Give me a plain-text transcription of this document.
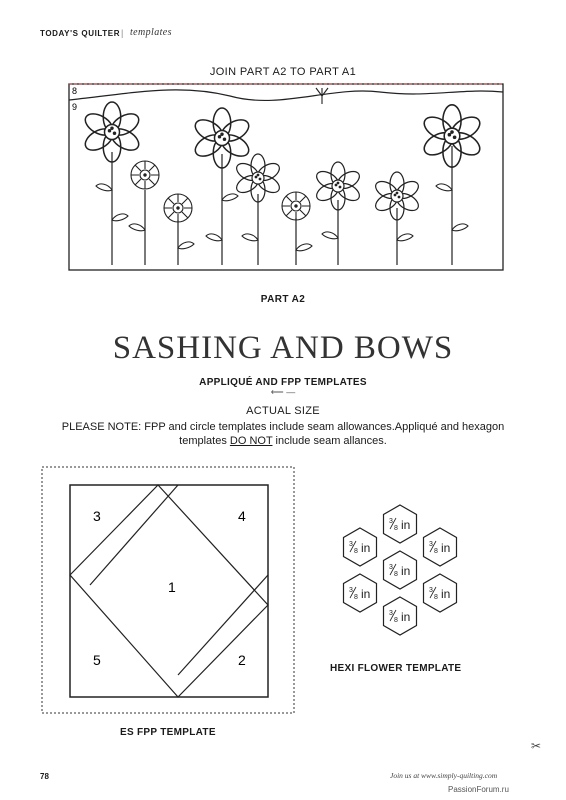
TODAY'S QUILTER | templates
JOIN PART A2 TO PART A1
8
9
PART A2
SASHING AND BOWS
APPLIQUÉ AND FPP TEMPLATES
⟵ —
ACTUAL SIZE
PLEASE NOTE: FPP and circle templates include seam allowances.Appliqué and hexagon templates DO NOT include seam allances.
3	4
1
5	2
ES FPP TEMPLATE
3
8 in
3
8 in
3
8 in
3
8 in	3
8 in
3
8 in	3
8 in
HEXI FLOWER TEMPLATE
78	Join us at www.simply-quilting.com
✂
PassionForum.ru
